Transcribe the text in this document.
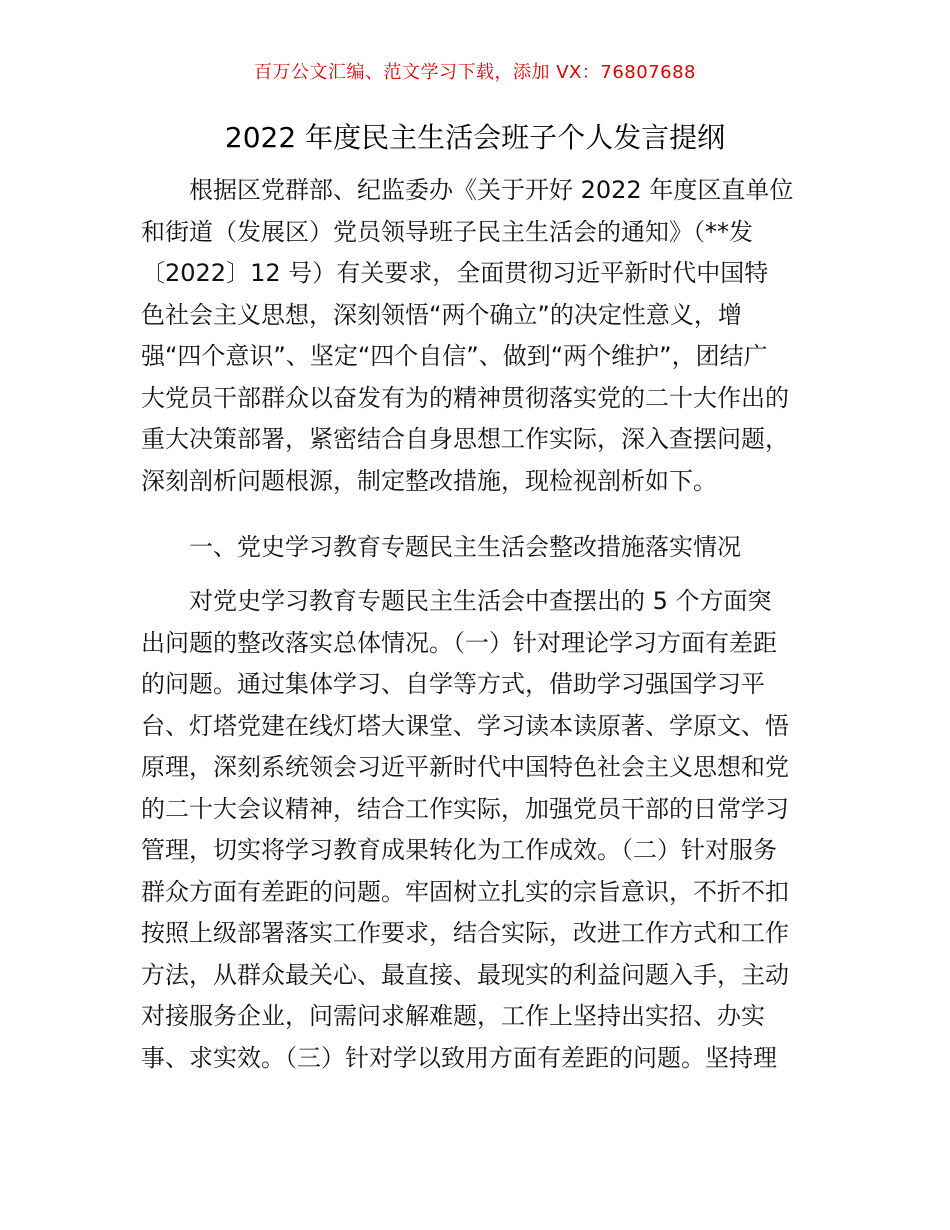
百万公文汇编、范文学习下载，添加 VX：76807688
2022 年度民主生活会班子个人发言提纲
　　根据区党群部、纪监委办《关于开好 2022 年度区直单位
和街道（发展区）党员领导班子民主生活会的通知》（**发
〔2022〕12 号）有关要求，全面贯彻习近平新时代中国特
色社会主义思想，深刻领悟“两个确立”的决定性意义，增
强“四个意识”、坚定“四个自信”、做到“两个维护”，团结广
大党员干部群众以奋发有为的精神贯彻落实党的二十大作出的
重大决策部署，紧密结合自身思想工作实际，深入查摆问题，
深刻剖析问题根源，制定整改措施，现检视剖析如下。
　　一、党史学习教育专题民主生活会整改措施落实情况
　　对党史学习教育专题民主生活会中查摆出的 5 个方面突
出问题的整改落实总体情况。（一）针对理论学习方面有差距
的问题。通过集体学习、自学等方式，借助学习强国学习平
台、灯塔党建在线灯塔大课堂、学习读本读原著、学原文、悟
原理，深刻系统领会习近平新时代中国特色社会主义思想和党
的二十大会议精神，结合工作实际，加强党员干部的日常学习
管理，切实将学习教育成果转化为工作成效。（二）针对服务
群众方面有差距的问题。牢固树立扎实的宗旨意识，不折不扣
按照上级部署落实工作要求，结合实际，改进工作方式和工作
方法，从群众最关心、最直接、最现实的利益问题入手，主动
对接服务企业，问需问求解难题，工作上坚持出实招、办实
事、求实效。（三）针对学以致用方面有差距的问题。坚持理
